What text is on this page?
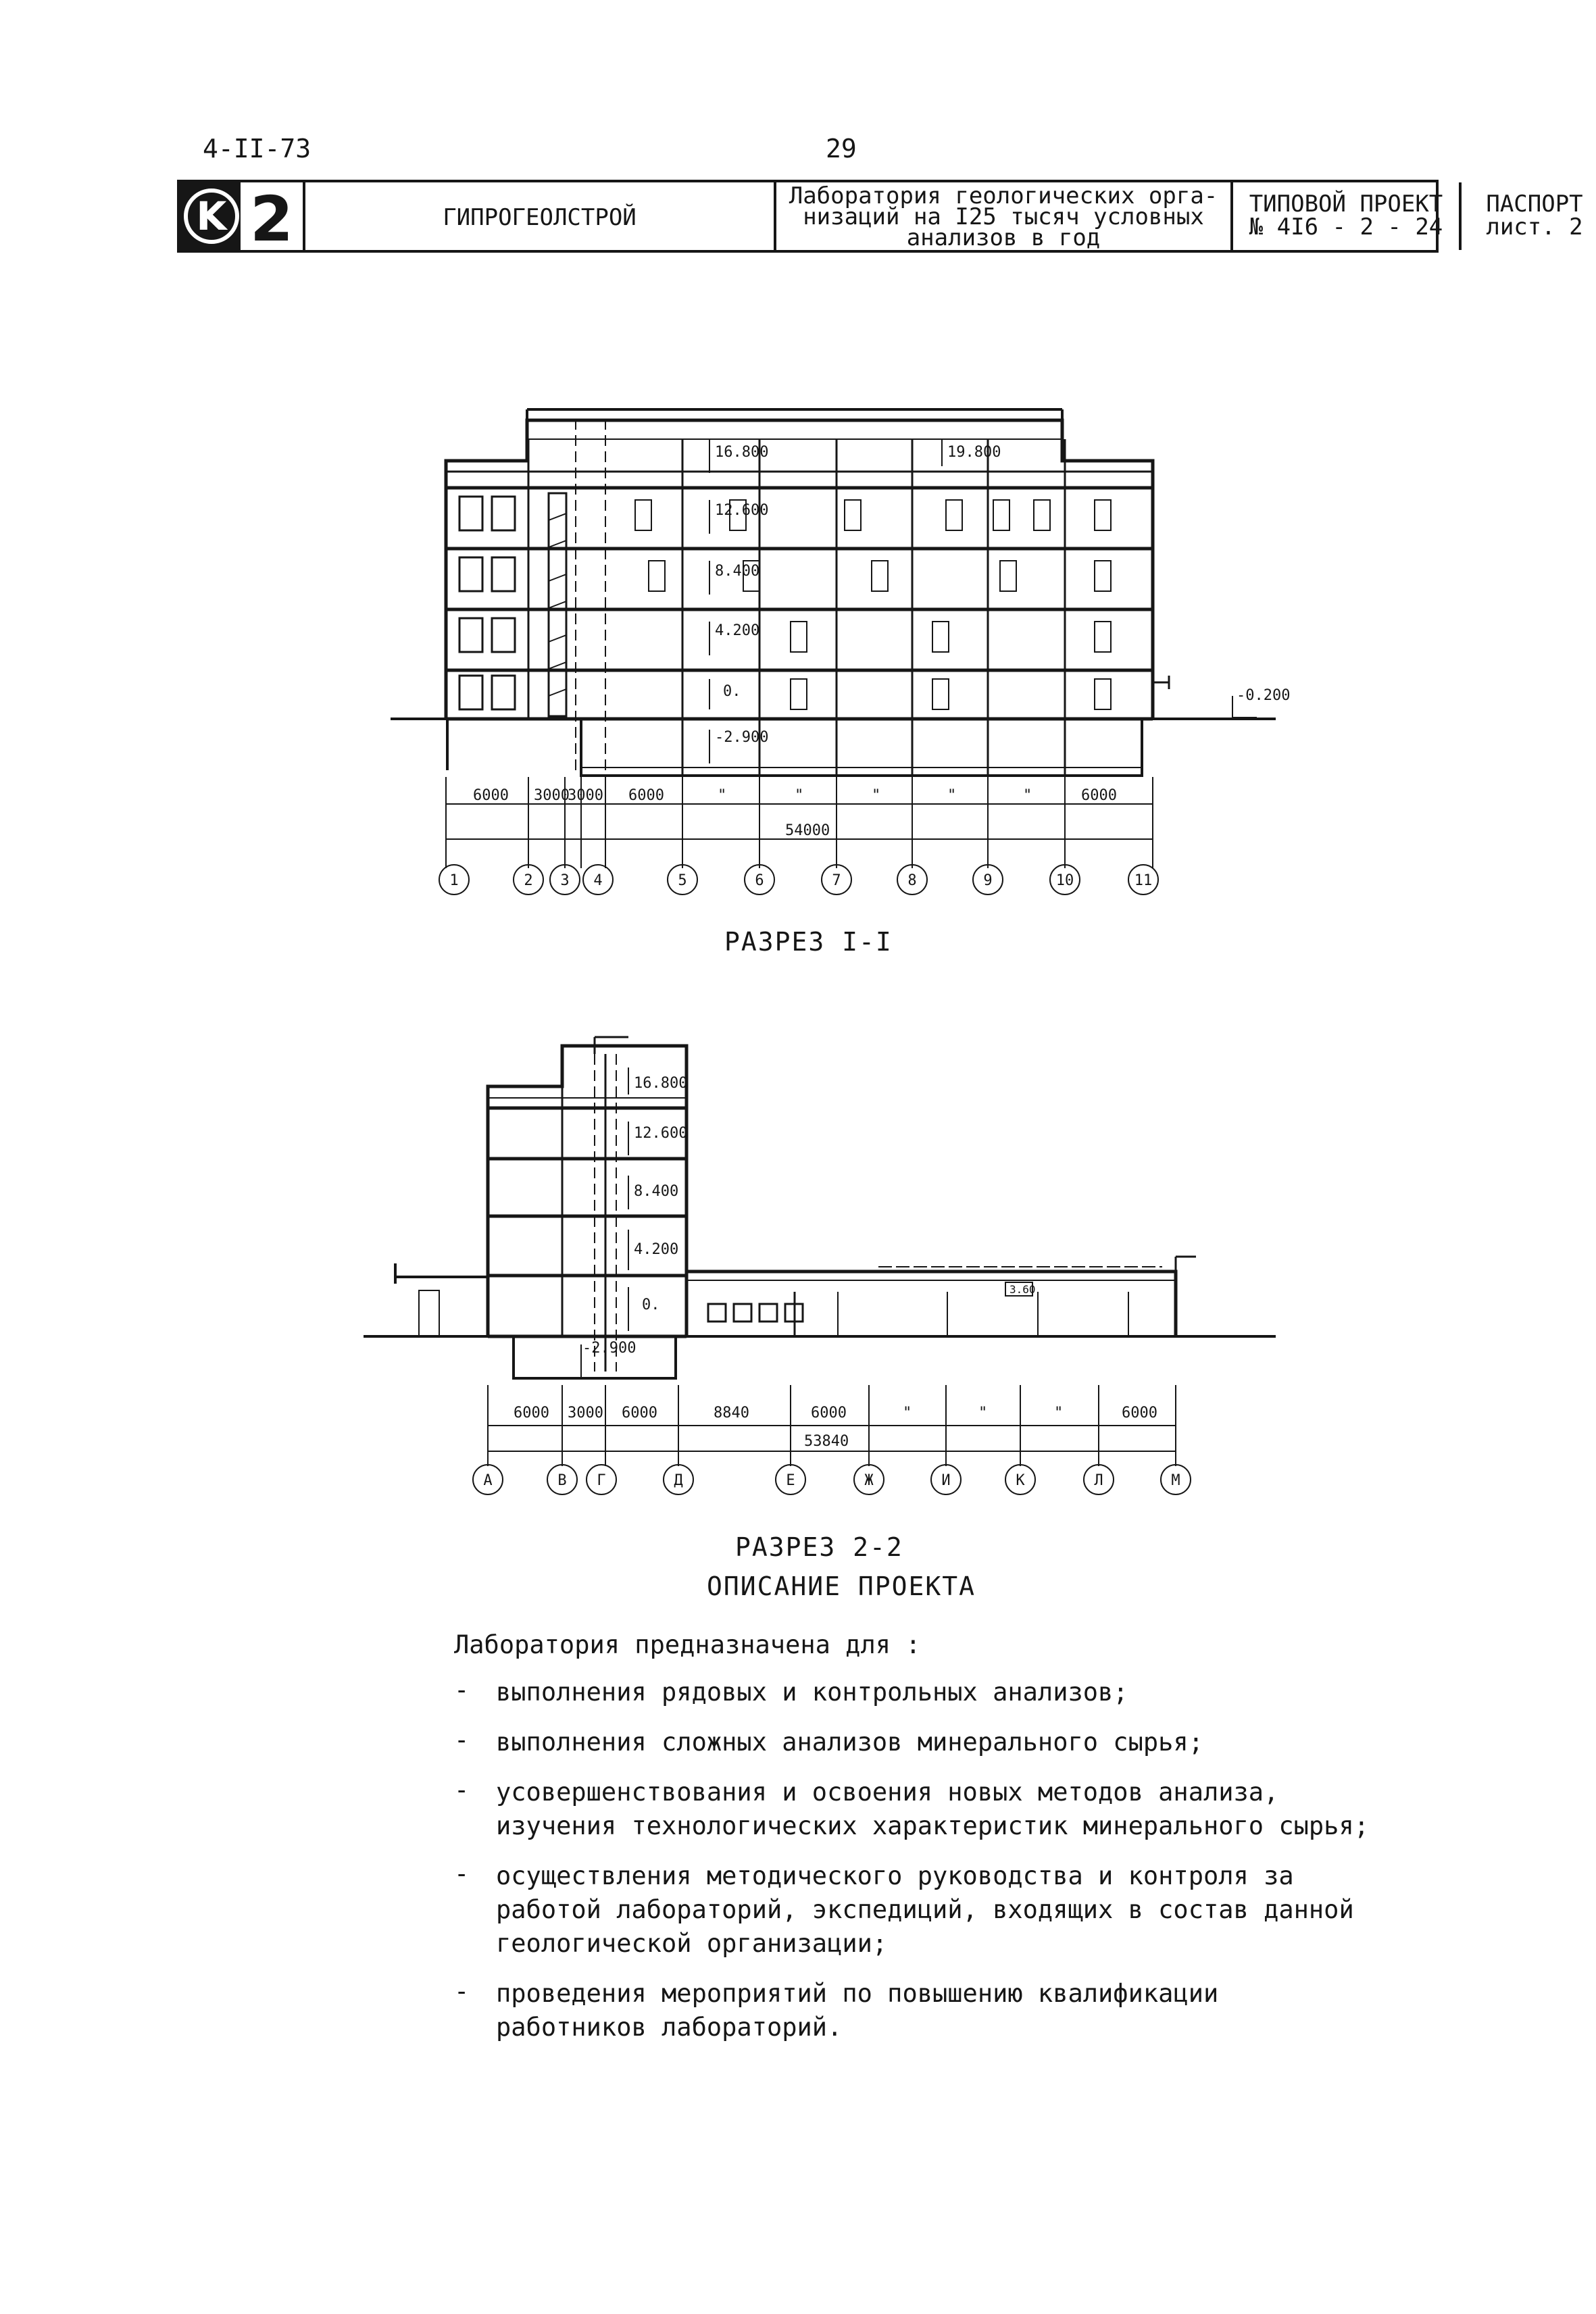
4-II-73	29
K 2	ГИПРОГЕОЛСТРОЙ
Лаборатория геологических орга-
низаций на I25 тысяч условных
анализов в год
ТИПОВОЙ ПРОЕКТ
№ 4I6 - 2 - 24
ПАСПОРТ
лист. 2
16.800	19.800
12.600
8.400
4.200
0.
-2.900
-0.200
6000 3000
3000 6000	"	"	"	"	"	6000
54000
1	2 3 4	5	6	7	8	9	10	11
16.800
12.600
8.400
4.200
0.
-2.900
3.60
6000 3000 6000	8840	6000	"	"	"	6000
53840
А	В Г	Д	Е	Ж	И	К	Л	М
РАЗРЕЗ I-I
РАЗРЕЗ 2-2
ОПИСАНИЕ ПРОЕКТА
Лаборатория предназначена для :
- выполнения рядовых и контрольных анализов;
- выполнения сложных анализов минерального сырья;
- усовершенствования и освоения новых методов анализа,
изучения технологических характеристик минерального сырья;
- осуществления методического руководства и контроля за
работой лабораторий, экспедиций, входящих в состав данной
геологической организации;
- проведения мероприятий по повышению квалификации
работников лабораторий.
